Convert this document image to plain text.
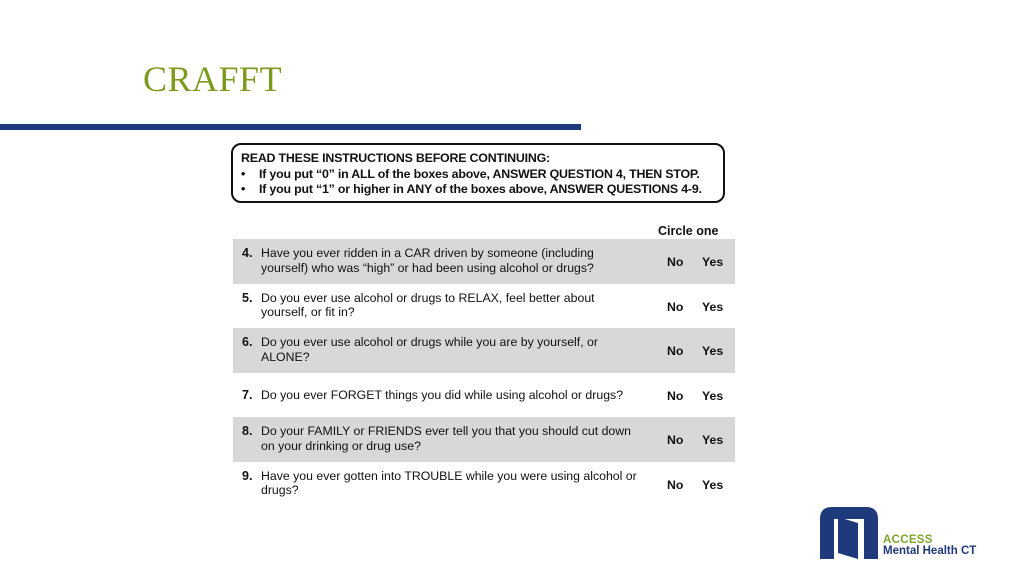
CRAFFT
READ THESE INSTRUCTIONS BEFORE CONTINUING:
•	If you put “0” in ALL of the boxes above, ANSWER QUESTION 4, THEN STOP.
•	If you put “1” or higher in ANY of the boxes above, ANSWER QUESTIONS 4-9.
Circle one
4. Have you ever ridden in a CAR driven by someone (including yourself) who was “high” or had been using alcohol or drugs?	No Yes
5. Do you ever use alcohol or drugs to RELAX, feel better about yourself, or fit in?	No Yes
6. Do you ever use alcohol or drugs while you are by yourself, or ALONE?	No Yes
7. Do you ever FORGET things you did while using alcohol or drugs?	No Yes
8. Do your FAMILY or FRIENDS ever tell you that you should cut down on your drinking or drug use?	No Yes
9. Have you ever gotten into TROUBLE while you were using alcohol or drugs?	No Yes
ACCESS
Mental Health CT
